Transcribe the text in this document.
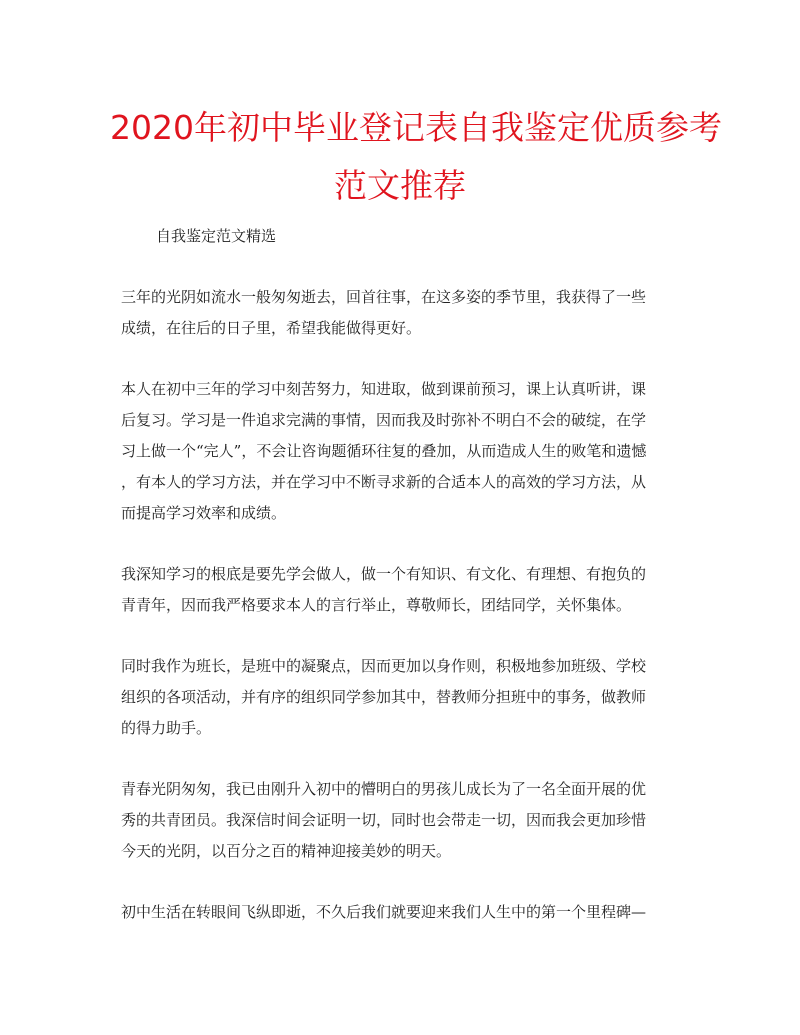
2020年初中毕业登记表自我鉴定优质参考
范文推荐
自我鉴定范文精选
三年的光阴如流水一般匆匆逝去，回首往事，在这多姿的季节里，我获得了一些
成绩，在往后的日子里，希望我能做得更好。
本人在初中三年的学习中刻苦努力，知进取，做到课前预习，课上认真听讲，课
后复习。学习是一件追求完满的事情，因而我及时弥补不明白不会的破绽，在学
习上做一个“完人”，不会让咨询题循环往复的叠加，从而造成人生的败笔和遗憾
，有本人的学习方法，并在学习中不断寻求新的合适本人的高效的学习方法，从
而提高学习效率和成绩。
我深知学习的根底是要先学会做人，做一个有知识、有文化、有理想、有抱负的
青青年，因而我严格要求本人的言行举止，尊敬师长，团结同学，关怀集体。
同时我作为班长，是班中的凝聚点，因而更加以身作则，积极地参加班级、学校
组织的各项活动，并有序的组织同学参加其中，替教师分担班中的事务，做教师
的得力助手。
青春光阴匆匆，我已由刚升入初中的懵明白的男孩儿成长为了一名全面开展的优
秀的共青团员。我深信时间会证明一切，同时也会带走一切，因而我会更加珍惜
今天的光阴，以百分之百的精神迎接美妙的明天。
初中生活在转眼间飞纵即逝，不久后我们就要迎来我们人生中的第一个里程碑—
